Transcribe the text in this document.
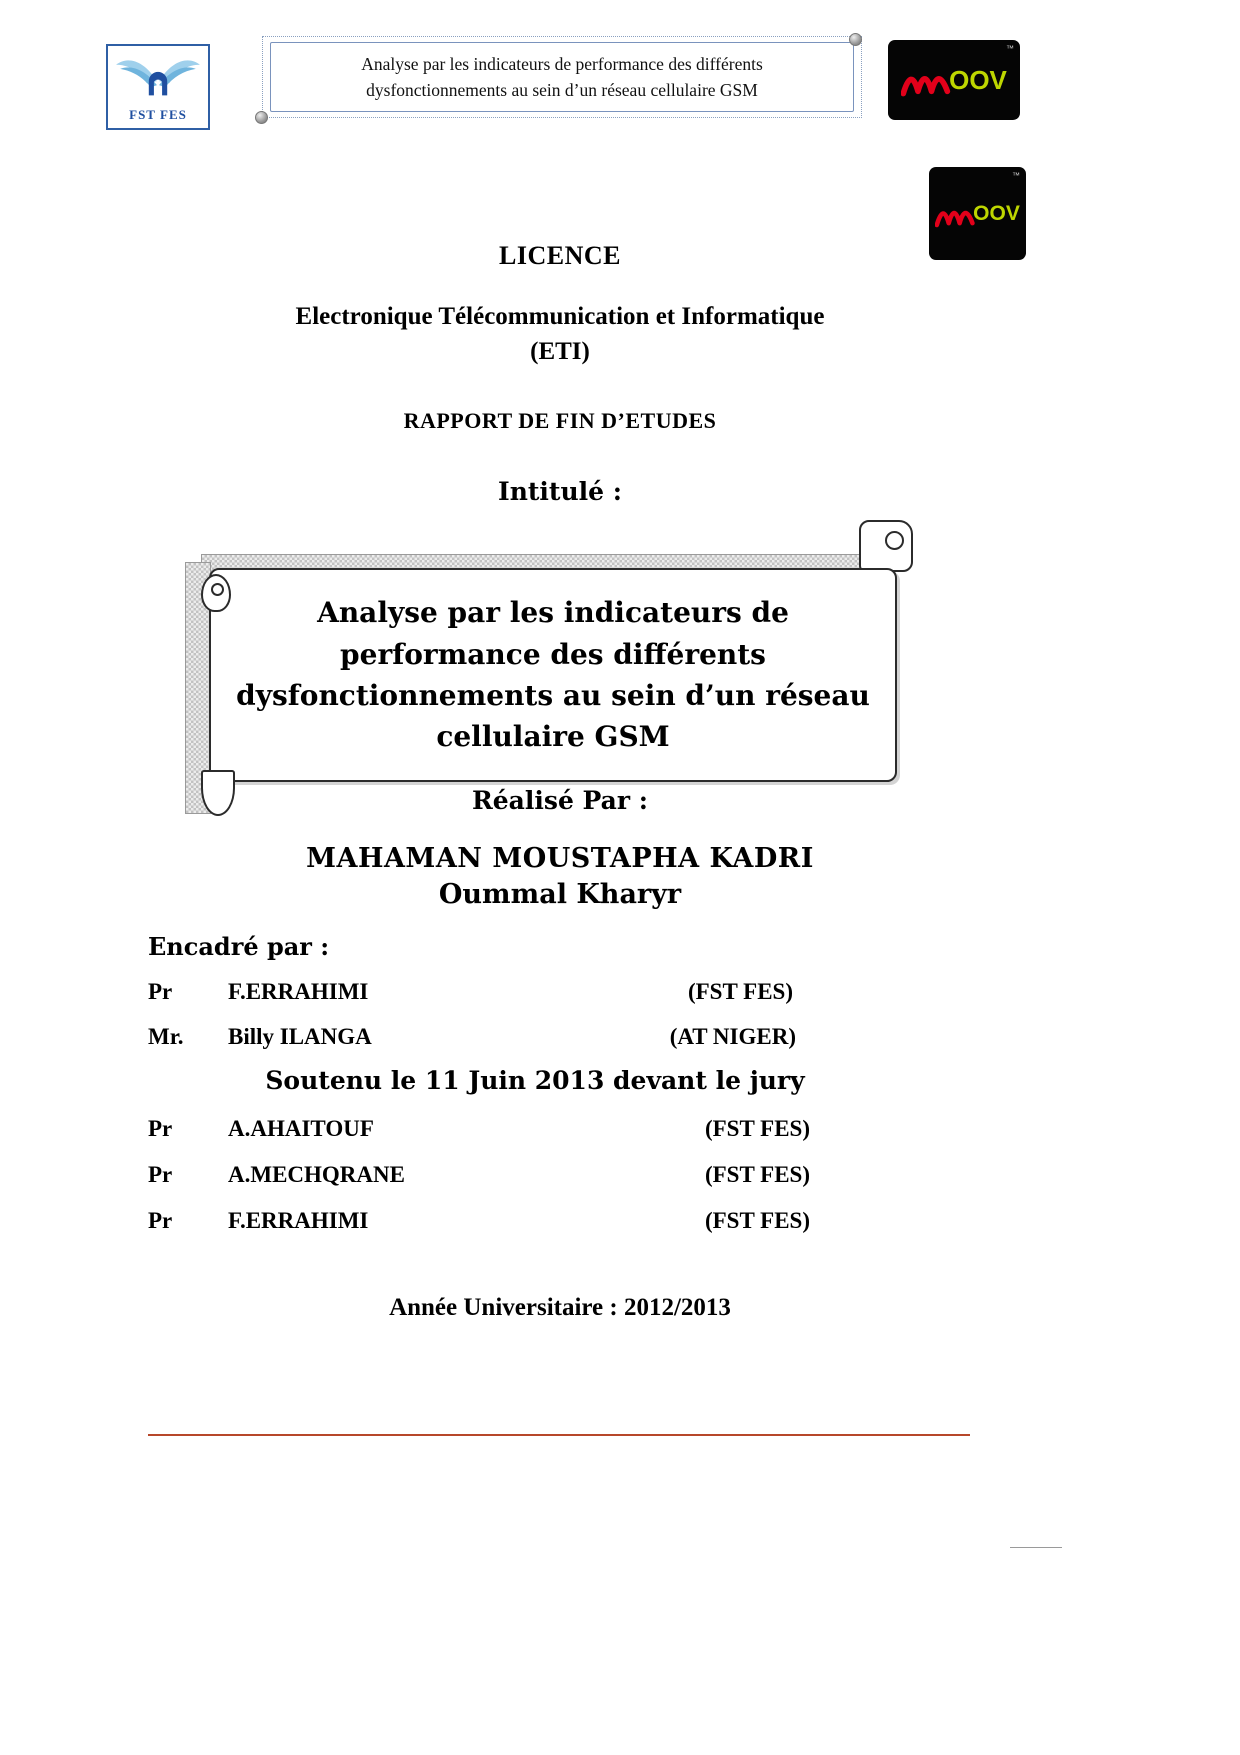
FST FES
Analyse par les indicateurs de performance des différents
dysfonctionnements au sein d’un réseau cellulaire GSM
™
OOV
™
OOV
LICENCE
Electronique Télécommunication et Informatique
(ETI)
RAPPORT DE FIN D’ETUDES
Intitulé :
Analyse par les indicateurs de
performance des différents
dysfonctionnements au sein d’un réseau
cellulaire GSM
Réalisé Par :
MAHAMAN MOUSTAPHA KADRI
Oummal Kharyr
Encadré par :
Pr	F.ERRAHIMI	(FST FES)
Mr.	Billy ILANGA	(AT NIGER)
Soutenu le 11 Juin 2013 devant le jury
Pr	A.AHAITOUF	(FST FES)
Pr	A.MECHQRANE	(FST FES)
Pr	F.ERRAHIMI	(FST FES)
Année Universitaire : 2012/2013
